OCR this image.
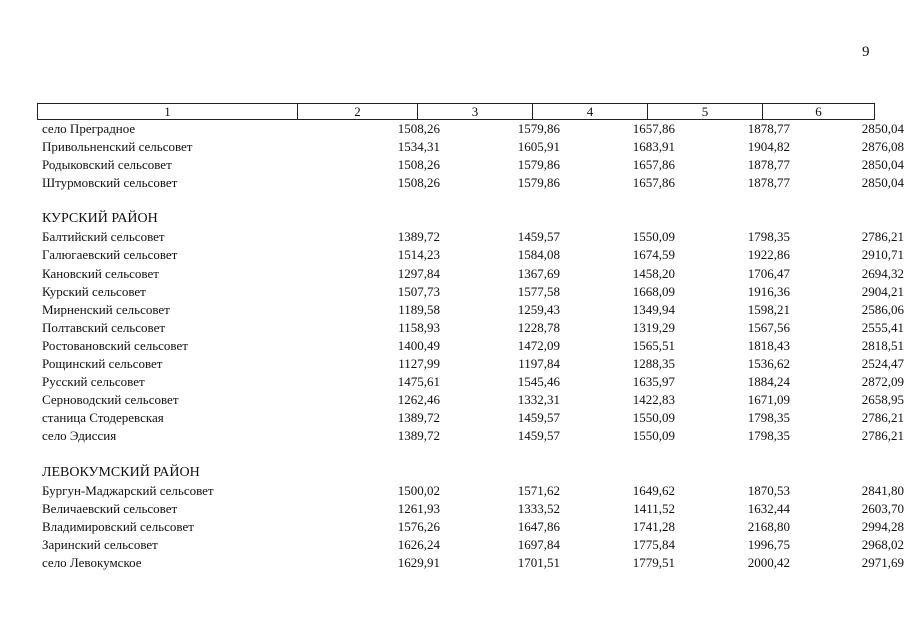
9
1	2	3	4	5	6
село Преградное	1508,26	1579,86	1657,86	1878,77	2850,04
Привольненский сельсовет	1534,31	1605,91	1683,91	1904,82	2876,08
Родыковский сельсовет	1508,26	1579,86	1657,86	1878,77	2850,04
Штурмовский сельсовет	1508,26	1579,86	1657,86	1878,77	2850,04
КУРСКИЙ РАЙОН
Балтийский сельсовет	1389,72	1459,57	1550,09	1798,35	2786,21
Галюгаевский сельсовет	1514,23	1584,08	1674,59	1922,86	2910,71
Кановский сельсовет	1297,84	1367,69	1458,20	1706,47	2694,32
Курский сельсовет	1507,73	1577,58	1668,09	1916,36	2904,21
Мирненский сельсовет	1189,58	1259,43	1349,94	1598,21	2586,06
Полтавский сельсовет	1158,93	1228,78	1319,29	1567,56	2555,41
Ростовановский сельсовет	1400,49	1472,09	1565,51	1818,43	2818,51
Рощинский сельсовет	1127,99	1197,84	1288,35	1536,62	2524,47
Русский сельсовет	1475,61	1545,46	1635,97	1884,24	2872,09
Серноводский сельсовет	1262,46	1332,31	1422,83	1671,09	2658,95
станица Стодеревская	1389,72	1459,57	1550,09	1798,35	2786,21
село Эдиссия	1389,72	1459,57	1550,09	1798,35	2786,21
ЛЕВОКУМСКИЙ РАЙОН
Бургун-Маджарский сельсовет	1500,02	1571,62	1649,62	1870,53	2841,80
Величаевский сельсовет	1261,93	1333,52	1411,52	1632,44	2603,70
Владимировский сельсовет	1576,26	1647,86	1741,28	2168,80	2994,28
Заринский сельсовет	1626,24	1697,84	1775,84	1996,75	2968,02
село Левокумское	1629,91	1701,51	1779,51	2000,42	2971,69
